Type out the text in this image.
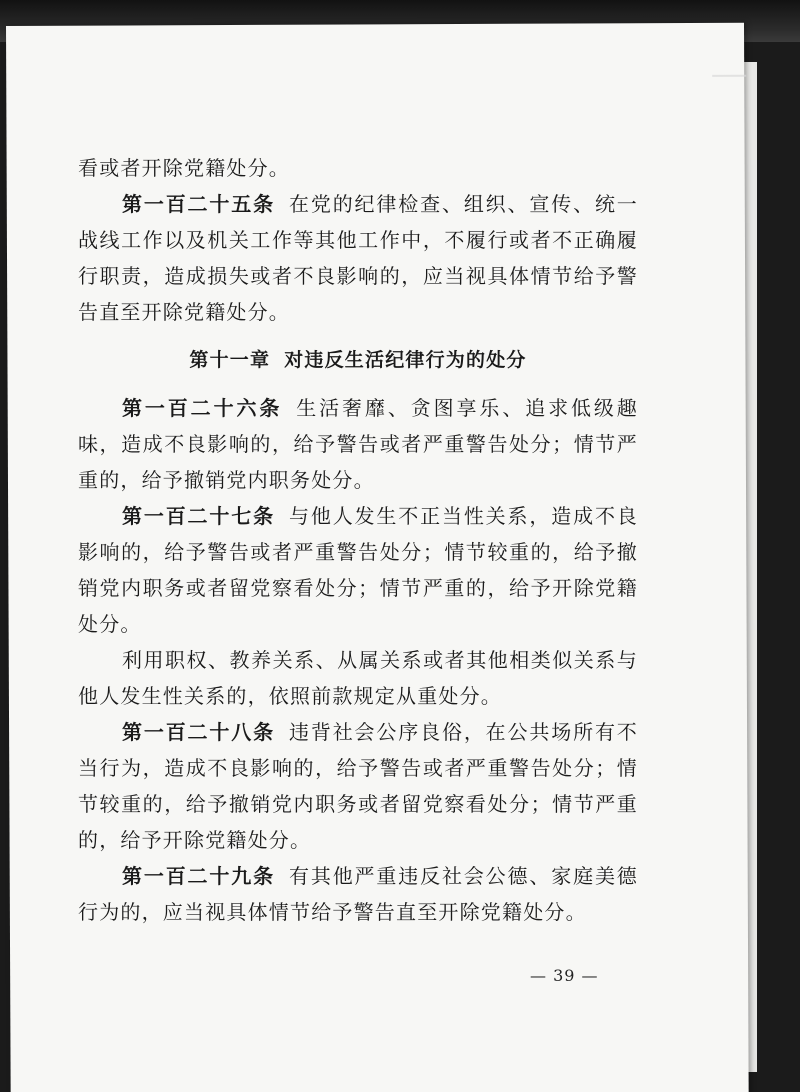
看或者开除党籍处分。

第一百二十五条 在党的纪律检查、组织、宣传、统一战线工作以及机关工作等其他工作中，不履行或者不正确履行职责，造成损失或者不良影响的，应当视具体情节给予警告直至开除党籍处分。

第十一章 对违反生活纪律行为的处分

第一百二十六条 生活奢靡、贪图享乐、追求低级趣味，造成不良影响的，给予警告或者严重警告处分；情节严重的，给予撤销党内职务处分。

第一百二十七条 与他人发生不正当性关系，造成不良影响的，给予警告或者严重警告处分；情节较重的，给予撤销党内职务或者留党察看处分；情节严重的，给予开除党籍处分。

利用职权、教养关系、从属关系或者其他相类似关系与他人发生性关系的，依照前款规定从重处分。

第一百二十八条 违背社会公序良俗，在公共场所有不当行为，造成不良影响的，给予警告或者严重警告处分；情节较重的，给予撤销党内职务或者留党察看处分；情节严重的，给予开除党籍处分。

第一百二十九条 有其他严重违反社会公德、家庭美德行为的，应当视具体情节给予警告直至开除党籍处分。

— 39 —
